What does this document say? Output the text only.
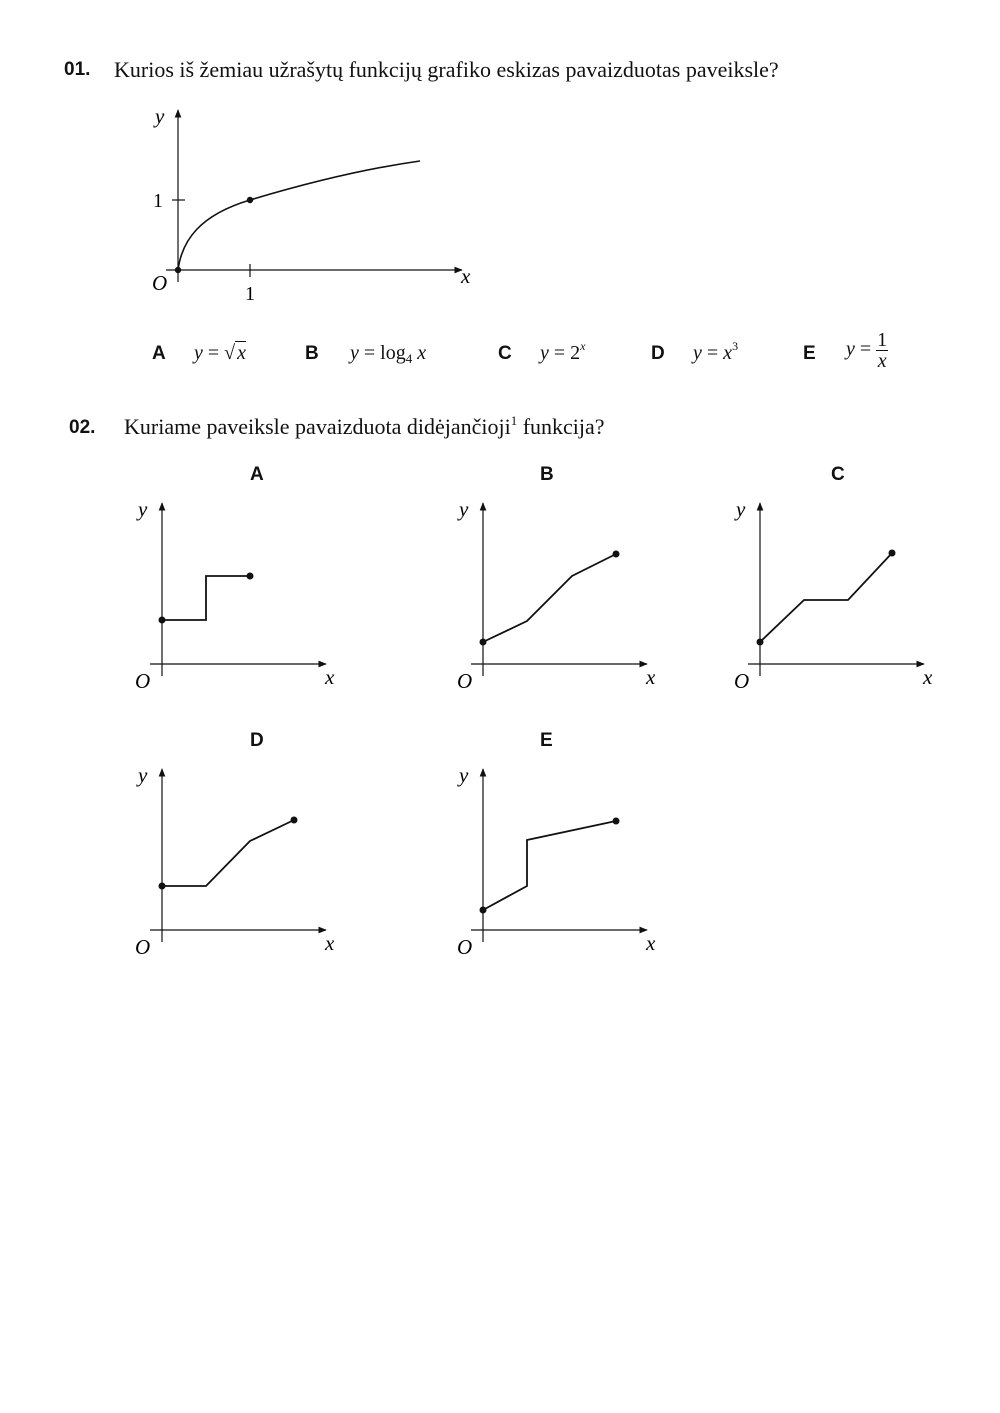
01. Kurios iš žemiau užrašytų funkcijų grafiko eskizas pavaizduotas paveiksle?
y
x
O
1
1
A y = √ x	B $y = \log_4 x$	C $y = 2^x$	D $y = x^3$	E $y = \frac{1}{x}$
02. Kuriame paveiksle pavaizduota didėjančioji$^1$ funkcija?
A	B	C
D	E
y
x
O
y
x
O
y
x
O
y
x
O
y
x
O
